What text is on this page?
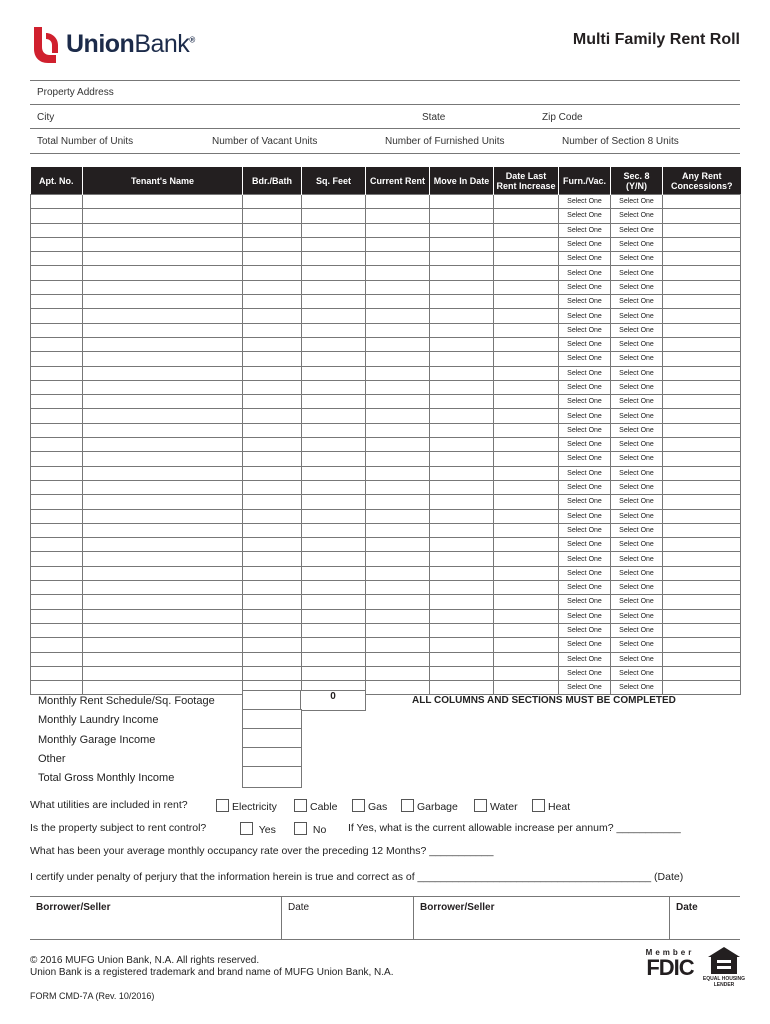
UnionBank®	Multi Family Rent Roll
Property Address
City	State	Zip Code
Total Number of Units	Number of Vacant Units	Number of Furnished Units	Number of Section 8 Units
Apt. No.	Tenant's Name	Bdr./Bath	Sq. Feet	Current Rent	Move In Date	Date Last Rent Increase	Furn./Vac.	Sec. 8 (Y/N)	Any Rent Concessions?
							Select One	Select One	
							Select One	Select One	
							Select One	Select One	
							Select One	Select One	
							Select One	Select One	
							Select One	Select One	
							Select One	Select One	
							Select One	Select One	
							Select One	Select One	
							Select One	Select One	
							Select One	Select One	
							Select One	Select One	
							Select One	Select One	
							Select One	Select One	
							Select One	Select One	
							Select One	Select One	
							Select One	Select One	
							Select One	Select One	
							Select One	Select One	
							Select One	Select One	
							Select One	Select One	
							Select One	Select One	
							Select One	Select One	
							Select One	Select One	
							Select One	Select One	
							Select One	Select One	
							Select One	Select One	
							Select One	Select One	
							Select One	Select One	
							Select One	Select One	
							Select One	Select One	
							Select One	Select One	
							Select One	Select One	
							Select One	Select One	
							Select One	Select One	
Monthly Rent Schedule/Sq. Footage	0	ALL COLUMNS AND SECTIONS MUST BE COMPLETED
Monthly Laundry Income
Monthly Garage Income
Other
Total Gross Monthly Income
What utilities are included in rent?	Electricity	Cable	Gas	Garbage	Water	Heat
Is the property subject to rent control?	Yes	No If Yes, what is the current allowable increase per annum? ___________
What has been your average monthly occupancy rate over the preceding 12 Months? ___________
I certify under penalty of perjury that the information herein is true and correct as of ________________________________________ (Date)
Borrower/Seller	Date	Borrower/Seller	Date
© 2016 MUFG Union Bank, N.A. All rights reserved.
Union Bank is a registered trademark and brand name of MUFG Union Bank, N.A.
FORM CMD-7A (Rev. 10/2016)
Member
FDIC	EQUAL HOUSING LENDER
